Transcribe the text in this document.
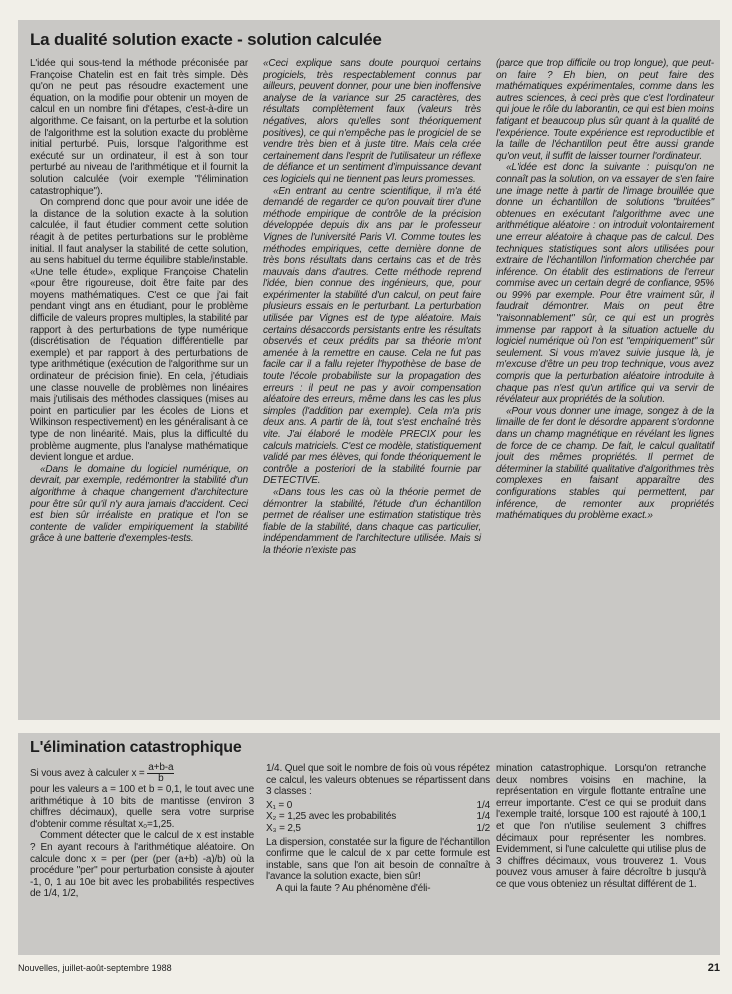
La dualité solution exacte - solution calculée

L'idée qui sous-tend la méthode préconisée par Françoise Chatelin est en fait très simple. Dès qu'on ne peut pas résoudre exactement une équation, on la modifie pour obtenir un moyen de calcul en un nombre fini d'étapes, c'est-à-dire un algorithme. Ce faisant, on la perturbe et la solution de l'algorithme est la solution exacte du problème initial perturbé. Puis, lorsque l'algorithme est exécuté sur un ordinateur, il est à son tour perturbé au niveau de l'arithmétique et il fournit la solution calculée (voir exemple "l'élimination catastrophique").

On comprend donc que pour avoir une idée de la distance de la solution exacte à la solution calculée, il faut étudier comment cette solution réagit à de petites perturbations sur le problème initial. Il faut analyser la stabilité de cette solution, au sens habituel du terme équilibre stable/instable. «Une telle étude», explique Françoise Chatelin «pour être rigoureuse, doit être faite par des moyens mathématiques. C'est ce que j'ai fait pendant vingt ans en étudiant, pour le problème difficile de valeurs propres multiples, la stabilité par rapport à des perturbations de type numérique (discrétisation de l'équation différentielle par exemple) et par rapport à des perturbations de type arithmétique (exécution de l'algorithme sur un ordinateur de précision finie). En cela, j'étudiais une classe nouvelle de problèmes non linéaires mais j'utilisais des méthodes classiques (mises au point en particulier par les écoles de Lions et Wilkinson respectivement) en les généralisant à ce type de non linéarité. Mais, plus la difficulté du problème augmente, plus l'analyse mathématique devient longue et ardue.

«Dans le domaine du logiciel numérique, on devrait, par exemple, redémontrer la stabilité d'un algorithme à chaque changement d'architecture pour être sûr qu'il n'y aura jamais d'accident. Ceci est bien sûr irréaliste en pratique et l'on se contente de valider empiriquement la stabilité grâce à une batterie d'exemples-tests.

«Ceci explique sans doute pourquoi certains progiciels, très respectablement connus par ailleurs, peuvent donner, pour une bien inoffensive analyse de la variance sur 25 caractères, des résultats complètement faux (valeurs très négatives, alors qu'elles sont théoriquement positives), ce qui n'empêche pas le progiciel de se vendre très bien et à juste titre. Mais cela crée certainement dans l'esprit de l'utilisateur un réflexe de défiance et un sentiment d'impuissance devant ces logiciels qui ne tiennent pas leurs promesses.

«En entrant au centre scientifique, il m'a été demandé de regarder ce qu'on pouvait tirer d'une méthode empirique de contrôle de la précision développée depuis dix ans par le professeur Vignes de l'université Paris VI. Comme toutes les méthodes empiriques, cette dernière donne de très bons résultats dans certains cas et de très mauvais dans d'autres. Cette méthode reprend l'idée, bien connue des ingénieurs, que, pour expérimenter la stabilité d'un calcul, on peut faire plusieurs essais en le perturbant. La perturbation utilisée par Vignes est de type aléatoire. Mais certains désaccords persistants entre les résultats observés et ceux prédits par sa théorie m'ont amenée à la remettre en cause. Cela ne fut pas facile car il a fallu rejeter l'hypothèse de base de toute l'école probabiliste sur la propagation des erreurs : il peut ne pas y avoir compensation aléatoire des erreurs, même dans les cas les plus simples (l'addition par exemple). Cela m'a pris deux ans. A partir de là, tout s'est enchaîné très vite. J'ai élaboré le modèle PRECIX pour les calculs matriciels. C'est ce modèle, statistiquement validé par mes élèves, qui fonde théoriquement le contrôle a posteriori de la stabilité fournie par DETECTIVE.

«Dans tous les cas où la théorie permet de démontrer la stabilité, l'étude d'un échantillon permet de réaliser une estimation statistique très fiable de la stabilité, dans chaque cas particulier, indépendamment de l'architecture utilisée. Mais si la théorie n'existe pas

(parce que trop difficile ou trop longue), que peut-on faire ? Eh bien, on peut faire des mathématiques expérimentales, comme dans les autres sciences, à ceci près que c'est l'ordinateur qui joue le rôle du laborantin, ce qui est bien moins fatigant et beaucoup plus sûr quant à la qualité de l'expérience. Toute expérience est reproductible et la taille de l'échantillon peut être aussi grande qu'on veut, il suffit de laisser tourner l'ordinateur.

«L'idée est donc la suivante : puisqu'on ne connaît pas la solution, on va essayer de s'en faire une image nette à partir de l'image brouillée que donne un échantillon de solutions "bruitées" obtenues en exécutant l'algorithme avec une arithmétique aléatoire : on introduit volontairement une erreur aléatoire à chaque pas de calcul. Des techniques statistiques sont alors utilisées pour extraire de l'échantillon l'information cherchée par inférence. On établit des estimations de l'erreur commise avec un certain degré de confiance, 95% ou 99% par exemple. Pour être vraiment sûr, il faudrait démontrer. Mais on peut être "raisonnablement" sûr, ce qui est un progrès immense par rapport à la situation actuelle du logiciel numérique où l'on est "empiriquement" sûr seulement. Si vous m'avez suivie jusque là, je m'excuse d'être un peu trop technique, vous avez compris que la perturbation aléatoire introduite à chaque pas n'est qu'un artifice qui va servir de révélateur aux propriétés de la solution.

«Pour vous donner une image, songez à de la limaille de fer dont le désordre apparent s'ordonne dans un champ magnétique en révélant les lignes de force de ce champ. De fait, le calcul qualitatif jouit des mêmes propriétés. Il permet de déterminer la stabilité qualitative d'algorithmes très complexes en faisant apparaître des configurations stables qui permettent, par inférence, de remonter aux propriétés mathématiques du problème exact.»

L'élimination catastrophique

Si vous avez à calculer $x = \frac{a+b-a}{b}$

pour les valeurs a = 100 et b = 0,1, le tout avec une arithmétique à 10 bits de mantisse (environ 3 chiffres décimaux), quelle sera votre surprise d'obtenir comme résultat x₀=1,25.

Comment détecter que le calcul de x est instable ? En ayant recours à l'arithmétique aléatoire. On calcule donc x = per (per (per (a+b) -a)/b) où la procédure "per" pour perturbation consiste à ajouter -1, 0, 1 au 10e bit avec les probabilités respectives de 1/4, 1/2,

1/4. Quel que soit le nombre de fois où vous répétez ce calcul, les valeurs obtenues se répartissent dans 3 classes :

X₁ = 0	1/4
X₂ = 1,25 avec les probabilités	1/4
X₃ = 2,5	1/2

La dispersion, constatée sur la figure de l'échantillon confirme que le calcul de x par cette formule est instable, sans que l'on ait besoin de connaître à l'avance la solution exacte, bien sûr!

A qui la faute ? Au phénomène d'éli-

mination catastrophique. Lorsqu'on retranche deux nombres voisins en machine, la représentation en virgule flottante entraîne une erreur importante. C'est ce qui se produit dans l'exemple traité, lorsque 100 est rajouté à 100,1 et que l'on n'utilise seulement 3 chiffres décimaux pour représenter les nombres. Evidemment, si l'une calculette qui utilise plus de 3 chiffres décimaux, vous trouverez 1. Vous pouvez vous amuser à faire décroître b jusqu'à ce que vous obteniez un résultat différent de 1.

Nouvelles, juillet-août-septembre 1988	21
